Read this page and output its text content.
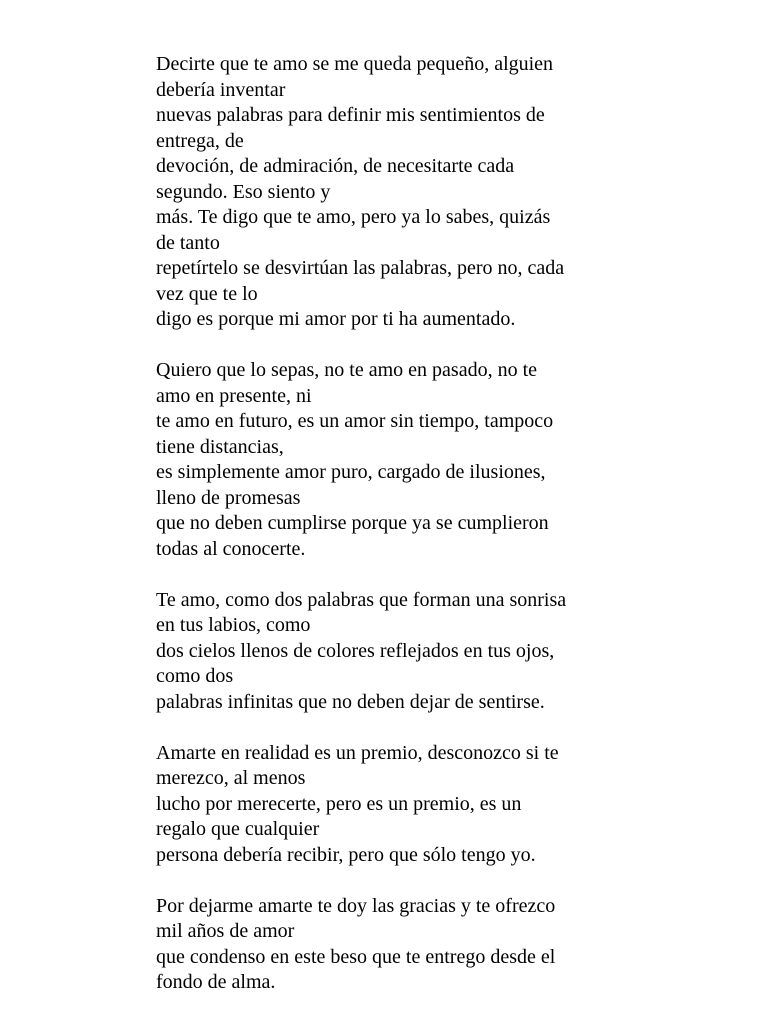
Decirte que te amo se me queda pequeño, alguien
debería inventar
nuevas palabras para definir mis sentimientos de
entrega, de
devoción, de admiración, de necesitarte cada
segundo. Eso siento y
más. Te digo que te amo, pero ya lo sabes, quizás
de tanto
repetírtelo se desvirtúan las palabras, pero no, cada
vez que te lo
digo es porque mi amor por ti ha aumentado.
Quiero que lo sepas, no te amo en pasado, no te
amo en presente, ni
te amo en futuro, es un amor sin tiempo, tampoco
tiene distancias,
es simplemente amor puro, cargado de ilusiones,
lleno de promesas
que no deben cumplirse porque ya se cumplieron
todas al conocerte.
Te amo, como dos palabras que forman una sonrisa
en tus labios, como
dos cielos llenos de colores reflejados en tus ojos,
como dos
palabras infinitas que no deben dejar de sentirse.
Amarte en realidad es un premio, desconozco si te
merezco, al menos
lucho por merecerte, pero es un premio, es un
regalo que cualquier
persona debería recibir, pero que sólo tengo yo.
Por dejarme amarte te doy las gracias y te ofrezco
mil años de amor
que condenso en este beso que te entrego desde el
fondo de alma.
